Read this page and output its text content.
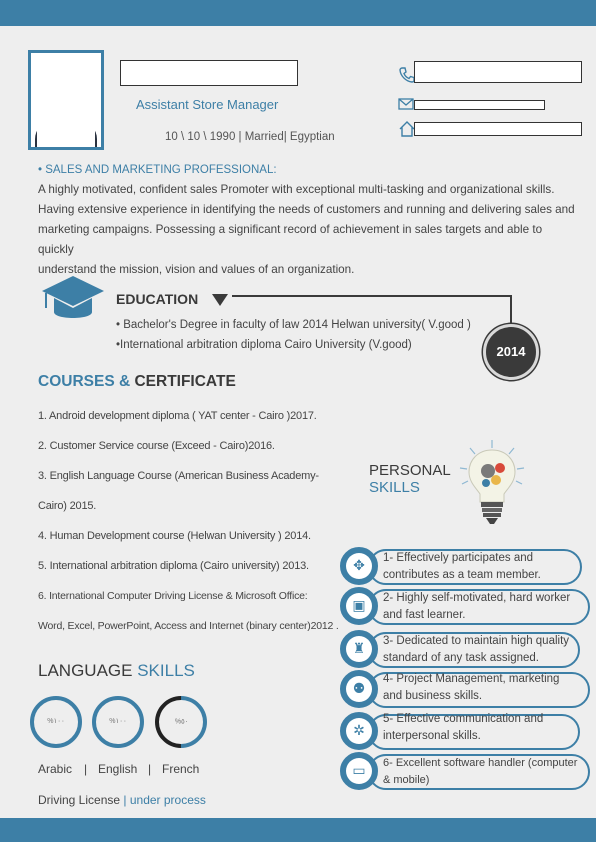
Assistant Store Manager
10 \ 10 \ 1990 | Married| Egyptian
• SALES AND MARKETING PROFESSIONAL:
A highly motivated, confident sales Promoter with exceptional multi-tasking and organizational skills.
Having extensive experience in identifying the needs of customers and running and delivering sales and
marketing campaigns. Possessing a significant record of achievement in sales targets and able to quickly
understand the mission, vision and values of an organization.
EDUCATION
• Bachelor's Degree in faculty of law 2014 Helwan university( V.good )
•International arbitration diploma Cairo University (V.good)	2014
COURSES & CERTIFICATE
1. Android development diploma ( YAT center - Cairo )2017.
2. Customer Service course (Exceed - Cairo)2016.
3. English Language Course (American Business Academy-
Cairo) 2015.
4. Human Development course (Helwan University ) 2014.
5. International arbitration diploma (Cairo university) 2013.
6. International Computer Driving License & Microsoft Office:
Word, Excel, PowerPoint, Access and Internet (binary center)2012 .
PERSONAL
SKILLS
✥ 1- Effectively participates and
contributes as a team member.
▣ 2- Highly self-motivated, hard worker
and fast learner.
♜ 3- Dedicated to maintain high quality
standard of any task assigned.
⚉
4- Project Management, marketing
and business skills.
✲
5- Effective communication and
interpersonal skills.
▭ 6- Excellent software handler (computer
& mobile)
LANGUAGE SKILLS
%١٠٠	%١٠٠	%٥٠
Arabic | English | French
Driving License | under process
